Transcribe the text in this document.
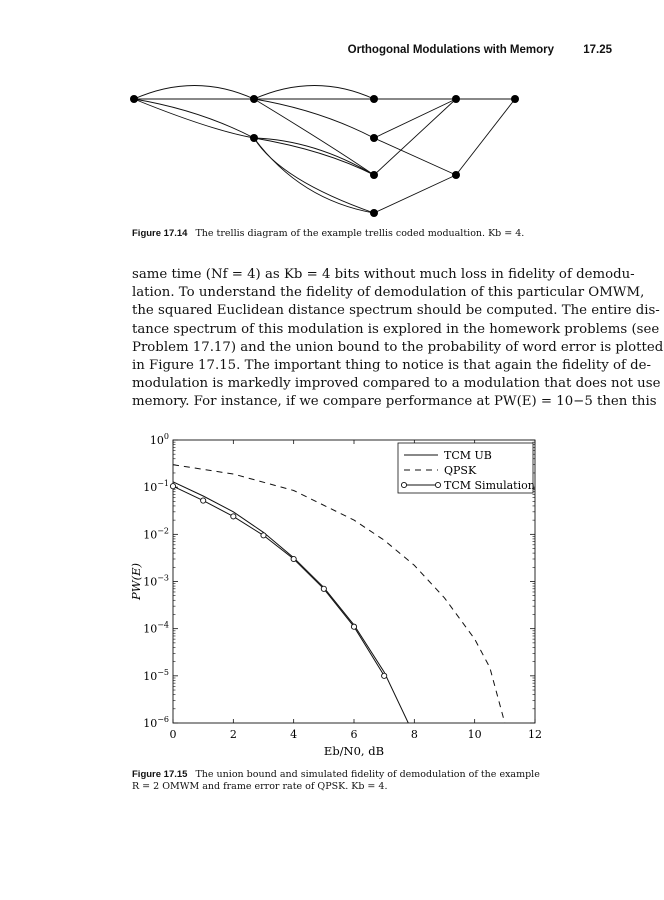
Orthogonal Modulations with Memory	17.25
Figure 17.14 The trellis diagram of the example trellis coded modualtion. Kb = 4.

same time (Nf = 4) as Kb = 4 bits without much loss in fidelity of demodu-
lation. To understand the fidelity of demodulation of this particular OMWM,
the squared Euclidean distance spectrum should be computed. The entire dis-
tance spectrum of this modulation is explored in the homework problems (see
Problem 17.17) and the union bound to the probability of word error is plotted
in Figure 17.15. The important thing to notice is that again the fidelity of de-
modulation is markedly improved compared to a modulation that does not use
memory. For instance, if we compare performance at PW(E) = 10−5 then this

0	2	4	6	8	10	12
$10^0$
$10^{-1}$
$10^{-2}$
$10^{-3}$
$10^{-4}$
$10^{-5}$
$10^{-6}$
Eb/N0, dB
PW(E)
TCM UB
QPSK
TCM Simulation
Figure 17.15 The union bound and simulated fidelity of demodulation of the example
R = 2 OMWM and frame error rate of QPSK. Kb = 4.
